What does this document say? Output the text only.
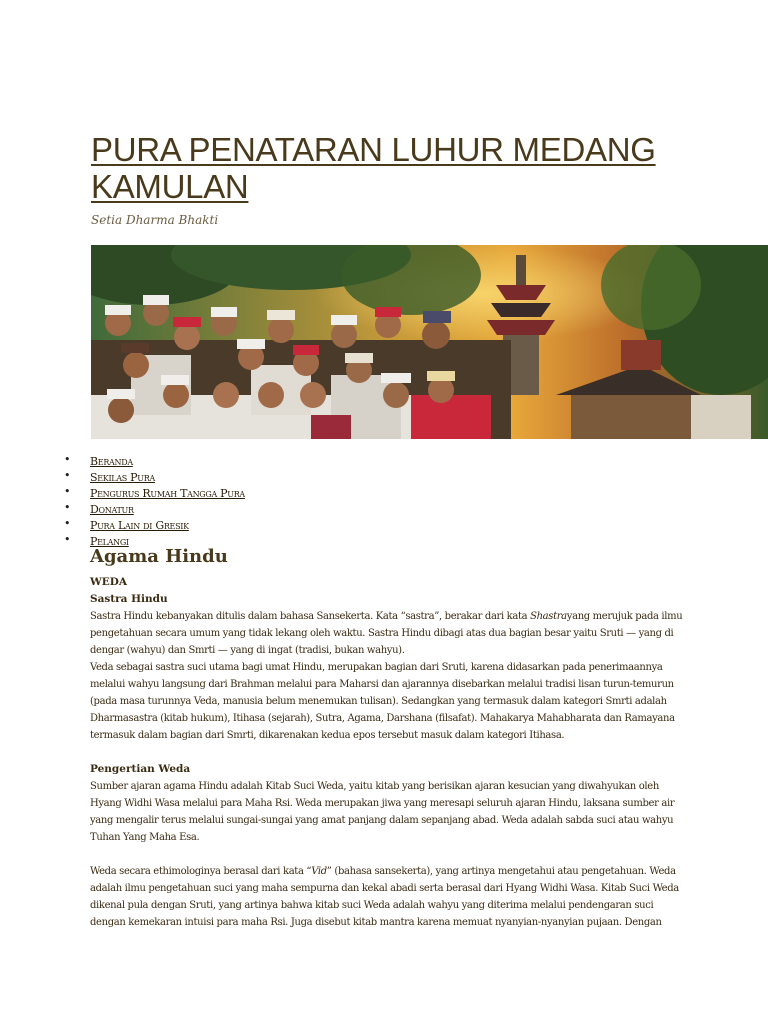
PURA PENATARAN LUHUR MEDANG KAMULAN
Setia Dharma Bhakti
• Beranda
• Sekilas Pura
• Pengurus Rumah Tangga Pura
• Donatur
• Pura Lain di Gresik
• Pelangi
Agama Hindu
WEDA
Sastra Hindu

Sastra Hindu kebanyakan ditulis dalam bahasa Sansekerta. Kata “sastra”, berakar dari kata Shastrayang merujuk pada ilmu pengetahuan secara umum yang tidak lekang oleh waktu. Sastra Hindu dibagi atas dua bagian besar yaitu Sruti — yang di dengar (wahyu) dan Smrti — yang di ingat (tradisi, bukan wahyu).

Veda sebagai sastra suci utama bagi umat Hindu, merupakan bagian dari Sruti, karena didasarkan pada penerimaannya melalui wahyu langsung dari Brahman melalui para Maharsi dan ajarannya disebarkan melalui tradisi lisan turun-temurun (pada masa turunnya Veda, manusia belum menemukan tulisan). Sedangkan yang termasuk dalam kategori Smrti adalah Dharmasastra (kitab hukum), Itihasa (sejarah), Sutra, Agama, Darshana (filsafat). Mahakarya Mahabharata dan Ramayana termasuk dalam bagian dari Smrti, dikarenakan kedua epos tersebut masuk dalam kategori Itihasa.

Pengertian Weda

Sumber ajaran agama Hindu adalah Kitab Suci Weda, yaitu kitab yang berisikan ajaran kesucian yang diwahyukan oleh Hyang Widhi Wasa melalui para Maha Rsi. Weda merupakan jiwa yang meresapi seluruh ajaran Hindu, laksana sumber air yang mengalir terus melalui sungai-sungai yang amat panjang dalam sepanjang abad. Weda adalah sabda suci atau wahyu Tuhan Yang Maha Esa.

Weda secara ethimologinya berasal dari kata “Vid” (bahasa sansekerta), yang artinya mengetahui atau pengetahuan. Weda adalah ilmu pengetahuan suci yang maha sempurna dan kekal abadi serta berasal dari Hyang Widhi Wasa. Kitab Suci Weda dikenal pula dengan Sruti, yang artinya bahwa kitab suci Weda adalah wahyu yang diterima melalui pendengaran suci dengan kemekaran intuisi para maha Rsi. Juga disebut kitab mantra karena memuat nyanyian-nyanyian pujaan. Dengan
